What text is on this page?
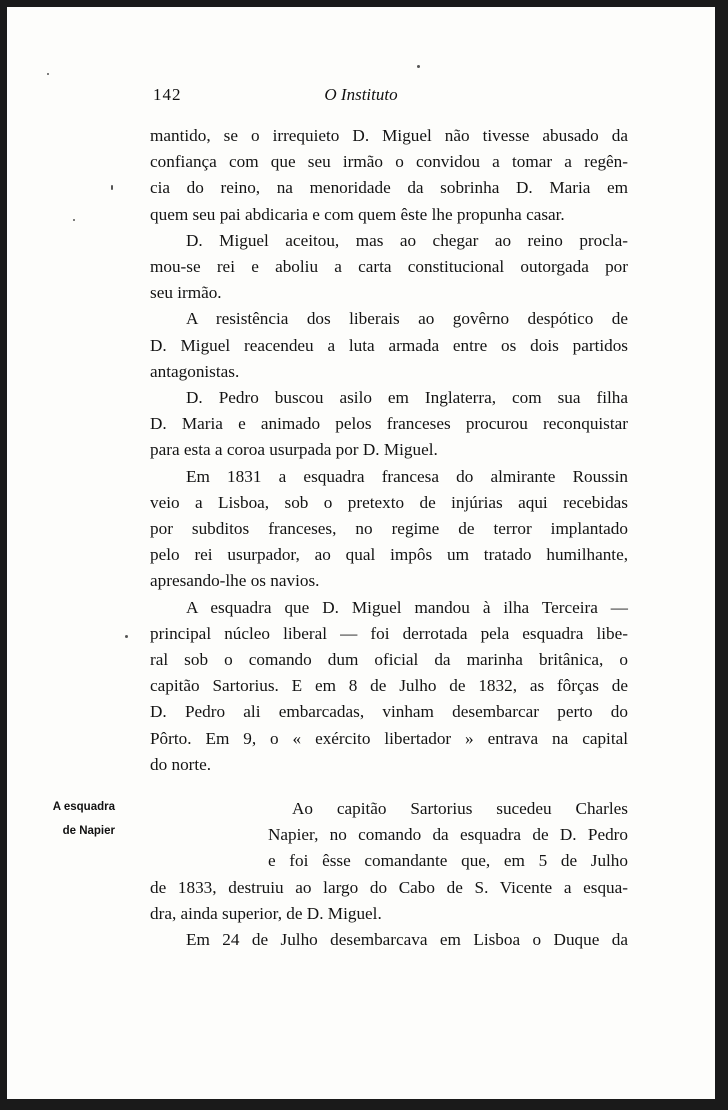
142	O Instituto

mantido, se o irrequieto D. Miguel não tivesse abusado da

confiança com que seu irmão o convidou a tomar a regên-

cia do reino, na menoridade da sobrinha D. Maria em

quem seu pai abdicaria e com quem êste lhe propunha casar.

D. Miguel aceitou, mas ao chegar ao reino procla-

mou-se rei e aboliu a carta constitucional outorgada por

seu irmão.

A resistência dos liberais ao govêrno despótico de

D. Miguel reacendeu a luta armada entre os dois partidos

antagonistas.

D. Pedro buscou asilo em Inglaterra, com sua filha

D. Maria e animado pelos franceses procurou reconquistar

para esta a coroa usurpada por D. Miguel.

Em 1831 a esquadra francesa do almirante Roussin

veio a Lisboa, sob o pretexto de injúrias aqui recebidas

por subditos franceses, no regime de terror implantado

pelo rei usurpador, ao qual impôs um tratado humilhante,

apresando-lhe os navios.

A esquadra que D. Miguel mandou à ilha Terceira —

principal núcleo liberal — foi derrotada pela esquadra libe-

ral sob o comando dum oficial da marinha britânica, o

capitão Sartorius. E em 8 de Julho de 1832, as fôrças de

D. Pedro ali embarcadas, vinham desembarcar perto do

Pôrto. Em 9, o « exército libertador » entrava na capital

do norte.

A esquadra
de Napier

Ao capitão Sartorius sucedeu Charles

Napier, no comando da esquadra de D. Pedro

e foi êsse comandante que, em 5 de Julho

de 1833, destruiu ao largo do Cabo de S. Vicente a esqua-

dra, ainda superior, de D. Miguel.

Em 24 de Julho desembarcava em Lisboa o Duque da
